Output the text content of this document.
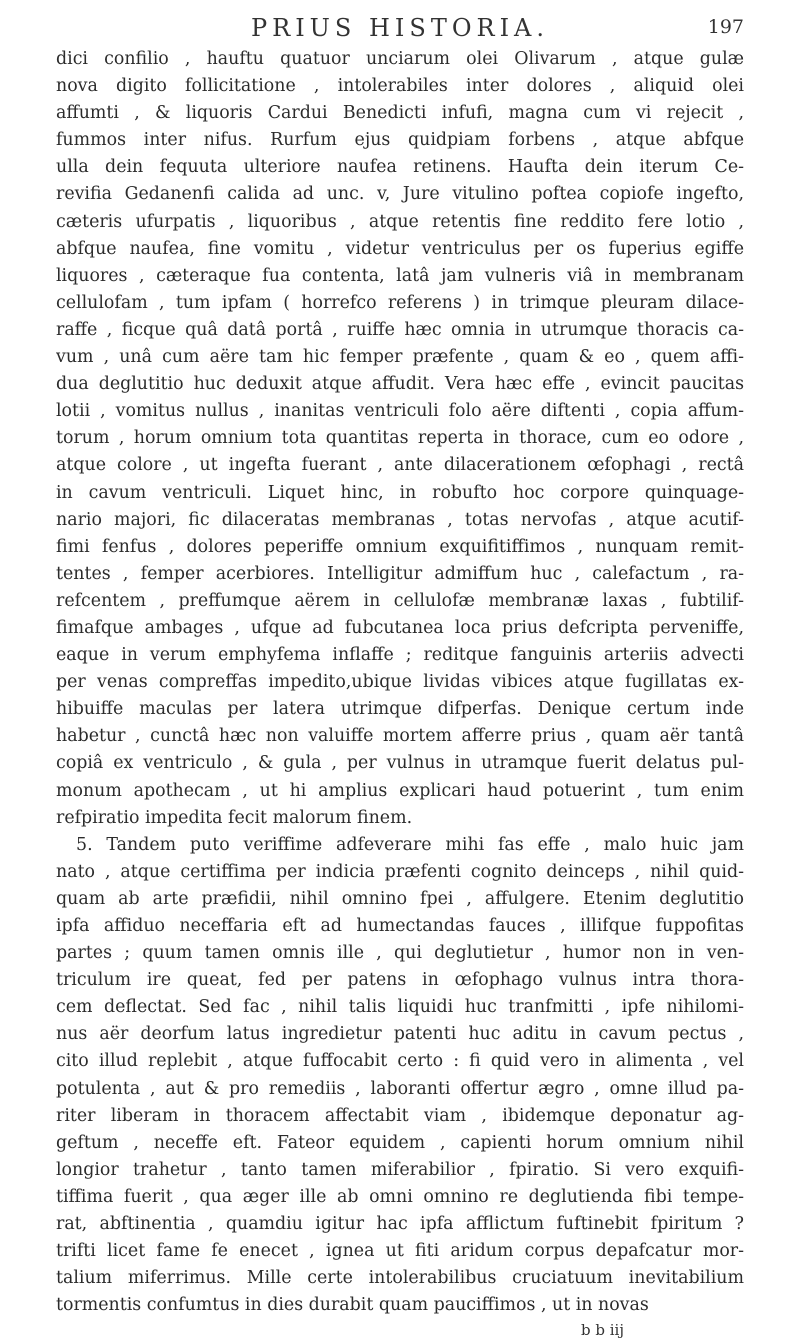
PRIUS HISTORIA.	197
dici confilio , hauftu quatuor unciarum olei Olivarum , atque gulæ
nova digito follicitatione , intolerabiles inter dolores , aliquid olei
affumti , & liquoris Cardui Benedicti infufi, magna cum vi rejecit ,
fummos inter nifus. Rurfum ejus quidpiam forbens , atque abfque
ulla dein fequuta ulteriore naufea retinens. Haufta dein iterum Ce-
revifia Gedanenfi calida ad unc. v, Jure vitulino poftea copiofe ingefto,
cæteris ufurpatis , liquoribus , atque retentis fine reddito fere lotio ,
abfque naufea, fine vomitu , videtur ventriculus per os fuperius egiffe
liquores , cæteraque fua contenta, latâ jam vulneris viâ in membranam
cellulofam , tum ipfam ( horrefco referens ) in trimque pleuram dilace-
raffe , ficque quâ datâ portâ , ruiffe hæc omnia in utrumque thoracis ca-
vum , unâ cum aëre tam hic femper præfente , quam & eo , quem affi-
dua deglutitio huc deduxit atque affudit. Vera hæc effe , evincit paucitas
lotii , vomitus nullus , inanitas ventriculi folo aëre diftenti , copia affum-
torum , horum omnium tota quantitas reperta in thorace, cum eo odore ,
atque colore , ut ingefta fuerant , ante dilacerationem œfophagi , rectâ
in cavum ventriculi. Liquet hinc, in robufto hoc corpore quinquage-
nario majori, fic dilaceratas membranas , totas nervofas , atque acutif-
fimi fenfus , dolores peperiffe omnium exquifitiffimos , nunquam remit-
tentes , femper acerbiores. Intelligitur admiffum huc , calefactum , ra-
refcentem , preffumque aërem in cellulofæ membranæ laxas , fubtilif-
fimafque ambages , ufque ad fubcutanea loca prius defcripta perveniffe,
eaque in verum emphyfema inflaffe ; reditque fanguinis arteriis advecti
per venas compreffas impedito,ubique lividas vibices atque fugillatas ex-
hibuiffe maculas per latera utrimque difperfas. Denique certum inde
habetur , cunctâ hæc non valuiffe mortem afferre prius , quam aër tantâ
copiâ ex ventriculo , & gula , per vulnus in utramque fuerit delatus pul-
monum apothecam , ut hi amplius explicari haud potuerint , tum enim
refpiratio impedita fecit malorum finem.
5. Tandem puto veriffime adfeverare mihi fas effe , malo huic jam
nato , atque certiffima per indicia præfenti cognito deinceps , nihil quid-
quam ab arte præfidii, nihil omnino fpei , affulgere. Etenim deglutitio
ipfa affiduo neceffaria eft ad humectandas fauces , illifque fuppofitas
partes ; quum tamen omnis ille , qui deglutietur , humor non in ven-
triculum ire queat, fed per patens in œfophago vulnus intra thora-
cem deflectat. Sed fac , nihil talis liquidi huc tranfmitti , ipfe nihilomi-
nus aër deorfum latus ingredietur patenti huc aditu in cavum pectus ,
cito illud replebit , atque fuffocabit certo : fi quid vero in alimenta , vel
potulenta , aut & pro remediis , laboranti offertur ægro , omne illud pa-
riter liberam in thoracem affectabit viam , ibidemque deponatur ag-
geftum , neceffe eft. Fateor equidem , capienti horum omnium nihil
longior trahetur , tanto tamen miferabilior , fpiratio. Si vero exquifi-
tiffima fuerit , qua æger ille ab omni omnino re deglutienda fibi tempe-
rat, abftinentia , quamdiu igitur hac ipfa afflictum fuftinebit fpiritum ?
trifti licet fame fe enecet , ignea ut fiti aridum corpus depafcatur mor-
talium miferrimus. Mille certe intolerabilibus cruciatuum inevitabilium
tormentis confumtus in dies durabit quam pauciffimos , ut in novas
b b iij
